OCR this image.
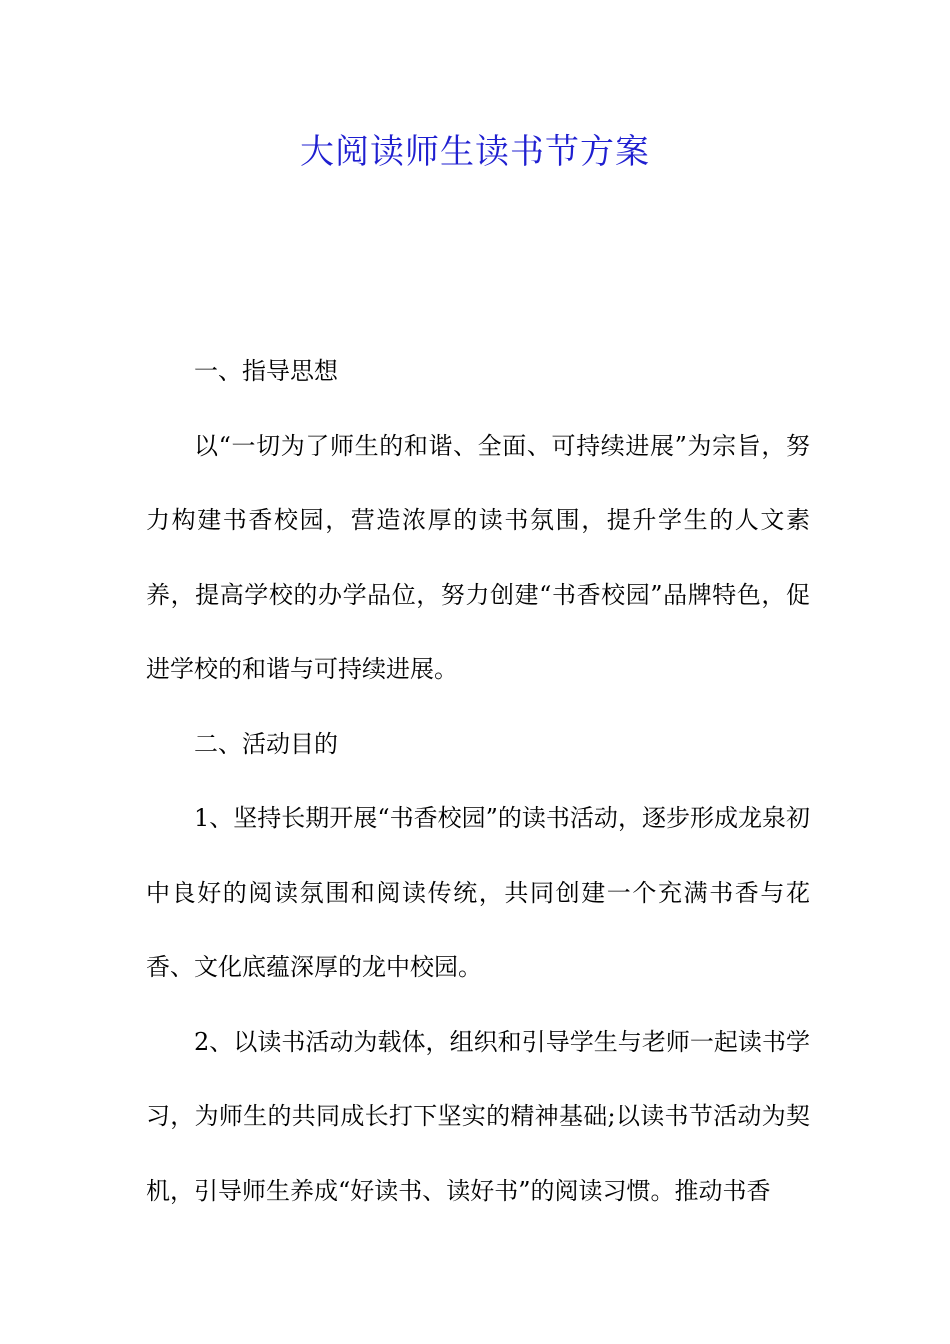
大阅读师生读书节方案

一、指导思想

以“一切为了师生的和谐、全面、可持续进展”为宗旨，努力构建书香校园，营造浓厚的读书氛围，提升学生的人文素养，提高学校的办学品位，努力创建“书香校园”品牌特色，促进学校的和谐与可持续进展。

二、活动目的

1、坚持长期开展“书香校园”的读书活动，逐步形成龙泉初中良好的阅读氛围和阅读传统，共同创建一个充满书香与花香、文化底蕴深厚的龙中校园。

2、以读书活动为载体，组织和引导学生与老师一起读书学习，为师生的共同成长打下坚实的精神基础;以读书节活动为契机，引导师生养成“好读书、读好书”的阅读习惯。推动书香
